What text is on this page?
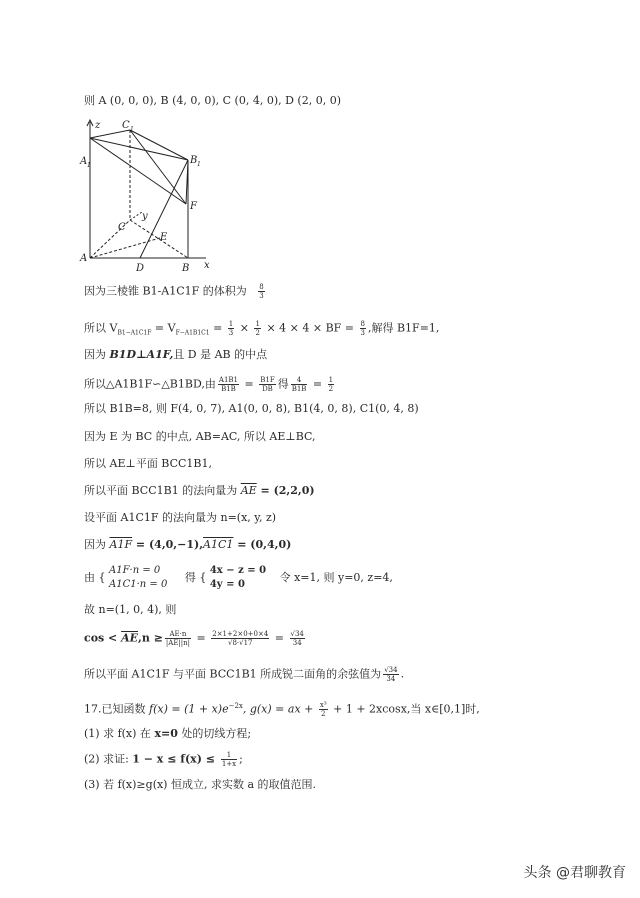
则 A (0, 0, 0), B (4, 0, 0), C (0, 4, 0), D (2, 0, 0)
C 1
z
A 1	B 1
F
C
y
E
A
D	B x
因为三棱锥 B1-A1C1F 的体积为 $\frac{8}{3}$
所以 $V_{B1-A1C1F} = V_{F-A1B1C1} = \frac{1}{3} \times \frac{1}{2} \times 4 \times 4$ × BF = $\frac{8}{3}$ ,解得 B1F=1,
因为 B1D⊥A1F,且 D 是 AB 的中点
所以△A1B1F∽△B1BD,由 $\frac{A1B1}{B1B} = \frac{B1F}{DB}$ 得 $\frac{4}{B1B} = \frac{1}{2}$
所以 B1B=8, 则 F(4, 0, 7), A1(0, 0, 8), B1(4, 0, 8), C1(0, 4, 8)
因为 E 为 BC 的中点, AB=AC, 所以 AE⊥BC,
所以 AE⊥平面 BCC1B1,
所以平面 BCC1B1 的法向量为 $\overline{AE} = (2,2,0)$
设平面 A1C1F 的法向量为 n=(x, y, z)
因为 A1F = (4,0,−1),A1C1 = (0,4,0)
由 {
A1F·n = 0
A1C1·n = 0
得 {
4x − z = 0
4y = 0
令 x=1, 则 y=0, z=4,
故 n=(1, 0, 4), 则
$\cos < \overline{AE},n \ge \frac{AE\cdot n}{|AE||n|} = \frac{2\times 1+2\times 0+0\times 4}{√8\cdot√17} = \frac{√34}{34}$
所以平面 A1C1F 与平面 BCC1B1 所成锐二面角的余弦值为 $\frac{√34}{34}$ .
17.已知函数 $f(x) = (1 + x)e^{-2x}$, g(x) = ax + $\frac{\text{x³}}{2} + 1 + 2xcosx$,当 x∈[0,1]时,
(1) 求 f(x) 在 x=0 处的切线方程;
(2) 求证: $1 - x \le f(x) \le \frac{1}{1+x}$ ;
(3) 若 f(x)≥g(x) 恒成立, 求实数 a 的取值范围.
头条 @君聊教育
